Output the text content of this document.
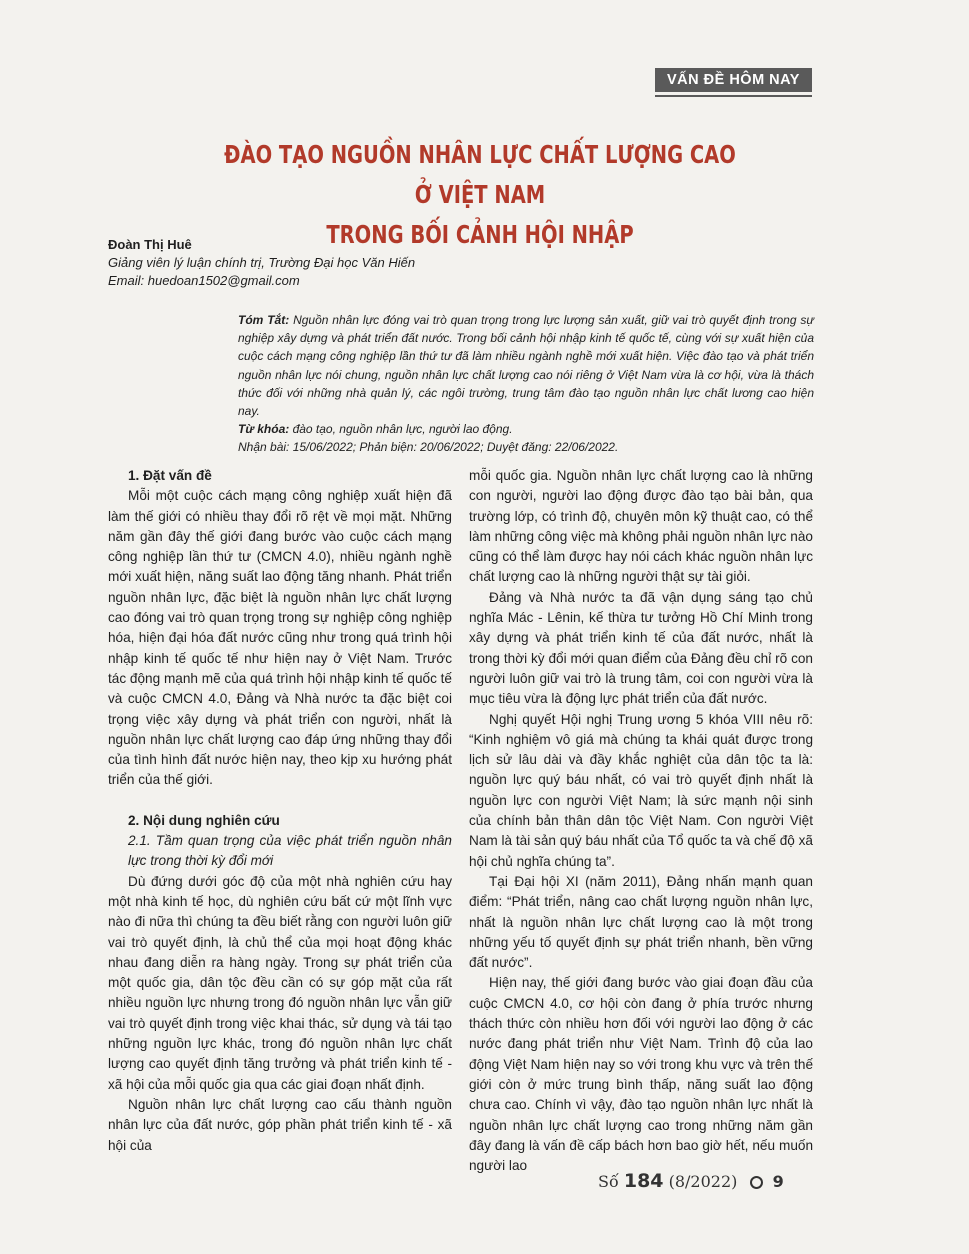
VẤN ĐỀ HÔM NAY
ĐÀO TẠO NGUỒN NHÂN LỰC CHẤT LƯỢNG CAO Ở VIỆT NAM
TRONG BỐI CẢNH HỘI NHẬP
Đoàn Thị Huê
Giảng viên lý luận chính trị, Trường Đại học Văn Hiến
Email: huedoan1502@gmail.com

Tóm Tắt: Nguồn nhân lực đóng vai trò quan trọng trong lực lượng sản xuất, giữ vai trò quyết định trong sự nghiệp xây dựng và phát triển đất nước. Trong bối cảnh hội nhập kinh tế quốc tế, cùng với sự xuất hiện của cuộc cách mạng công nghiệp lần thứ tư đã làm nhiều ngành nghề mới xuất hiện. Việc đào tạo và phát triển nguồn nhân lực nói chung, nguồn nhân lực chất lượng cao nói riêng ở Việt Nam vừa là cơ hội, vừa là thách thức đối với những nhà quản lý, các ngôi trường, trung tâm đào tạo nguồn nhân lực chất lương cao hiện nay.

Từ khóa: đào tạo, nguồn nhân lực, người lao động.

Nhận bài: 15/06/2022; Phản biện: 20/06/2022; Duyệt đăng: 22/06/2022.

1. Đặt vấn đề

Mỗi một cuộc cách mạng công nghiệp xuất hiện đã làm thế giới có nhiều thay đổi rõ rệt về mọi mặt. Những năm gần đây thế giới đang bước vào cuộc cách mạng công nghiệp lần thứ tư (CMCN 4.0), nhiều ngành nghề mới xuất hiện, năng suất lao động tăng nhanh. Phát triển nguồn nhân lực, đặc biệt là nguồn nhân lực chất lượng cao đóng vai trò quan trọng trong sự nghiệp công nghiệp hóa, hiện đại hóa đất nước cũng như trong quá trình hội nhập kinh tế quốc tế như hiện nay ở Việt Nam. Trước tác động mạnh mẽ của quá trình hội nhập kinh tế quốc tế và cuộc CMCN 4.0, Đảng và Nhà nước ta đặc biệt coi trọng việc xây dựng và phát triển con người, nhất là nguồn nhân lực chất lượng cao đáp ứng những thay đổi của tình hình đất nước hiện nay, theo kịp xu hướng phát triển của thế giới.

2. Nội dung nghiên cứu

2.1. Tầm quan trọng của việc phát triển nguồn nhân lực trong thời kỳ đổi mới

Dù đứng dưới góc độ của một nhà nghiên cứu hay một nhà kinh tế học, dù nghiên cứu bất cứ một lĩnh vực nào đi nữa thì chúng ta đều biết rằng con người luôn giữ vai trò quyết định, là chủ thể của mọi hoạt động khác nhau đang diễn ra hàng ngày. Trong sự phát triển của một quốc gia, dân tộc đều cần có sự góp mặt của rất nhiều nguồn lực nhưng trong đó nguồn nhân lực vẫn giữ vai trò quyết định trong việc khai thác, sử dụng và tái tạo những nguồn lực khác, trong đó nguồn nhân lực chất lượng cao quyết định tăng trưởng và phát triển kinh tế - xã hội của mỗi quốc gia qua các giai đoạn nhất định.

Nguồn nhân lực chất lượng cao cấu thành nguồn nhân lực của đất nước, góp phần phát triển kinh tế - xã hội của

mỗi quốc gia. Nguồn nhân lực chất lượng cao là những con người, người lao động được đào tạo bài bản, qua trường lớp, có trình độ, chuyên môn kỹ thuật cao, có thể làm những công việc mà không phải nguồn nhân lực nào cũng có thể làm được hay nói cách khác nguồn nhân lực chất lượng cao là những người thật sự tài giỏi.

Đảng và Nhà nước ta đã vận dụng sáng tạo chủ nghĩa Mác - Lênin, kế thừa tư tưởng Hồ Chí Minh trong xây dựng và phát triển kinh tế của đất nước, nhất là trong thời kỳ đổi mới quan điểm của Đảng đều chỉ rõ con người luôn giữ vai trò là trung tâm, coi con người vừa là mục tiêu vừa là động lực phát triển của đất nước.

Nghị quyết Hội nghị Trung ương 5 khóa VIII nêu rõ: “Kinh nghiệm vô giá mà chúng ta khái quát được trong lịch sử lâu dài và đầy khắc nghiệt của dân tộc ta là: nguồn lực quý báu nhất, có vai trò quyết định nhất là nguồn lực con người Việt Nam; là sức mạnh nội sinh của chính bản thân dân tộc Việt Nam. Con người Việt Nam là tài sản quý báu nhất của Tổ quốc ta và chế độ xã hội chủ nghĩa chúng ta”.

Tại Đại hội XI (năm 2011), Đảng nhấn mạnh quan điểm: “Phát triển, nâng cao chất lượng nguồn nhân lực, nhất là nguồn nhân lực chất lượng cao là một trong những yếu tố quyết định sự phát triển nhanh, bền vững đất nước”.

Hiện nay, thế giới đang bước vào giai đoạn đầu của cuộc CMCN 4.0, cơ hội còn đang ở phía trước nhưng thách thức còn nhiều hơn đối với người lao động ở các nước đang phát triển như Việt Nam. Trình độ của lao động Việt Nam hiện nay so với trong khu vực và trên thế giới còn ở mức trung bình thấp, năng suất lao động chưa cao. Chính vì vậy, đào tạo nguồn nhân lực nhất là nguồn nhân lực chất lượng cao trong những năm gần đây đang là vấn đề cấp bách hơn bao giờ hết, nếu muốn người lao

Số 184 (8/2022) 9
